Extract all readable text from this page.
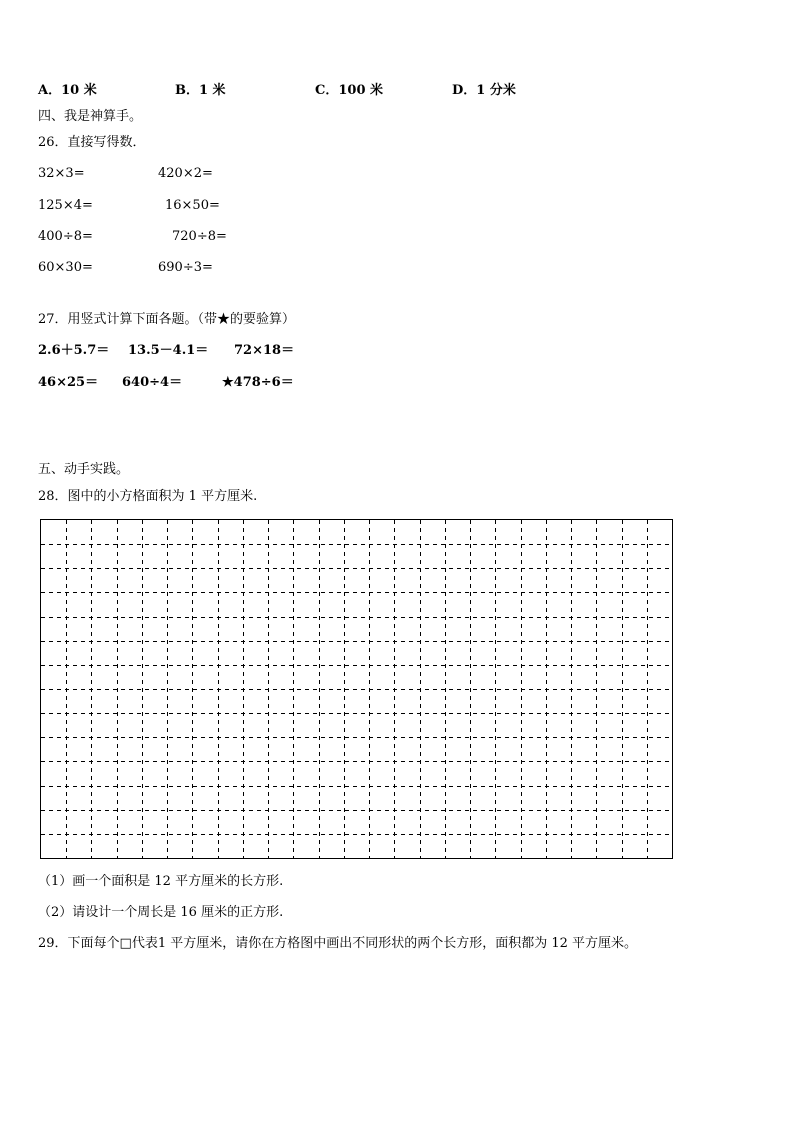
A．10 米	B．1 米	C．100 米	D．1 分米
四、我是神算手。
26．直接写得数．
32×3=	420×2=
125×4=	16×50=
400÷8=	720÷8=
60×30=	690÷3=
27．用竖式计算下面各题。（带★的要验算）
2.6＋5.7＝ 13.5－4.1＝ 72×18＝
46×25＝ 640÷4＝	★478÷6＝
五、动手实践。
28．图中的小方格面积为 1 平方厘米.
（1）画一个面积是 12 平方厘米的长方形.
（2）请设计一个周长是 16 厘米的正方形.
29．下面每个□代表1 平方厘米，请你在方格图中画出不同形状的两个长方形，面积都为 12 平方厘米。
